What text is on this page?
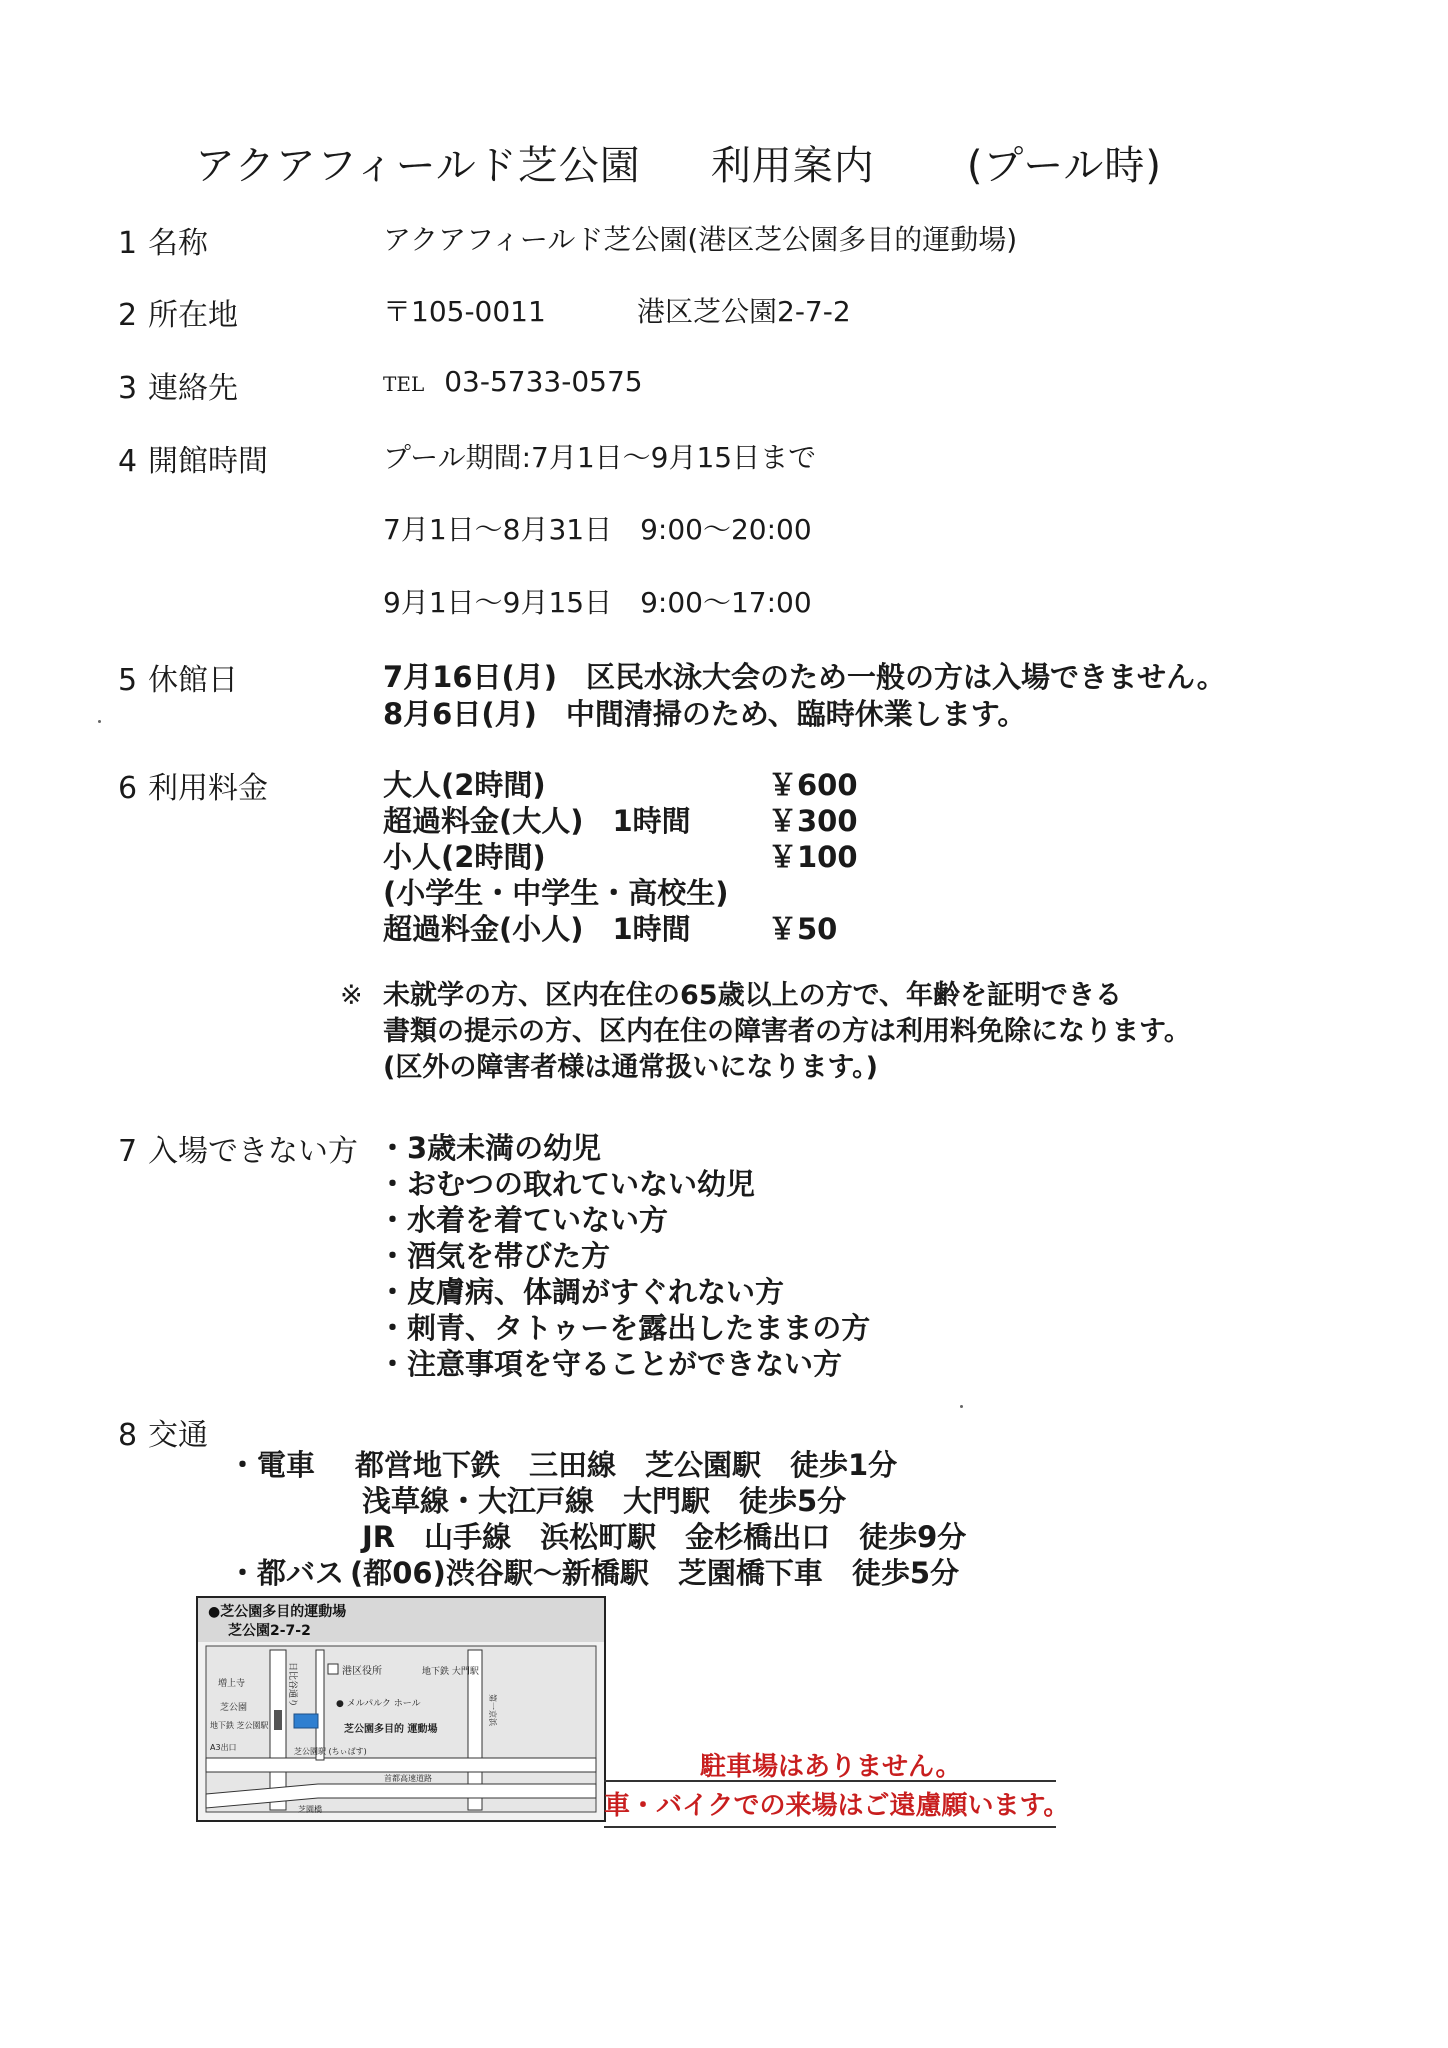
アクアフィールド芝公園 利用案内 (プール時)
1 名称	アクアフィールド芝公園(港区芝公園多目的運動場)
2 所在地	〒105-0011	港区芝公園2-7-2
3 連絡先	TEL 03-5733-0575
4 開館時間	プール期間:7月1日～9月15日まで
7月1日～8月31日　9:00～20:00
9月1日～9月15日　9:00～17:00
5 休館日	7月16日(月)　区民水泳大会のため一般の方は入場できません。
8月6日(月)　中間清掃のため、臨時休業します。
6 利用料金	大人(2時間)	￥600
超過料金(大人)　1時間	￥300
小人(2時間)	￥100
(小学生・中学生・高校生)
超過料金(小人)　1時間	￥50
※ 未就学の方、区内在住の65歳以上の方で、年齢を証明できる
書類の提示の方、区内在住の障害者の方は利用料免除になります。
(区外の障害者様は通常扱いになります。)
7 入場できない方 ・3歳未満の幼児
・おむつの取れていない幼児
・水着を着ていない方
・酒気を帯びた方
・皮膚病、体調がすぐれない方
・刺青、タトゥーを露出したままの方
・注意事項を守ることができない方
8 交通
・電車 都営地下鉄　三田線　芝公園駅　徒歩1分
浅草線・大江戸線　大門駅　徒歩5分
JR　山手線　浜松町駅　金杉橋出口　徒歩9分
・都バス (都06)渋谷駅～新橋駅　芝園橋下車　徒歩5分
●芝公園多目的運動場
芝公園2-7-2
港区役所	地下鉄 大門駅
増上寺	日比谷通り	● メルパルク ホール
芝公園
地下鉄 芝公園駅
A3出口
芝公園多目的 運動場
芝公園駅 (ちぃばす)
首都高速道路
芝園橋
第一京浜
駐車場はありません。
車・バイクでの来場はご遠慮願います。
